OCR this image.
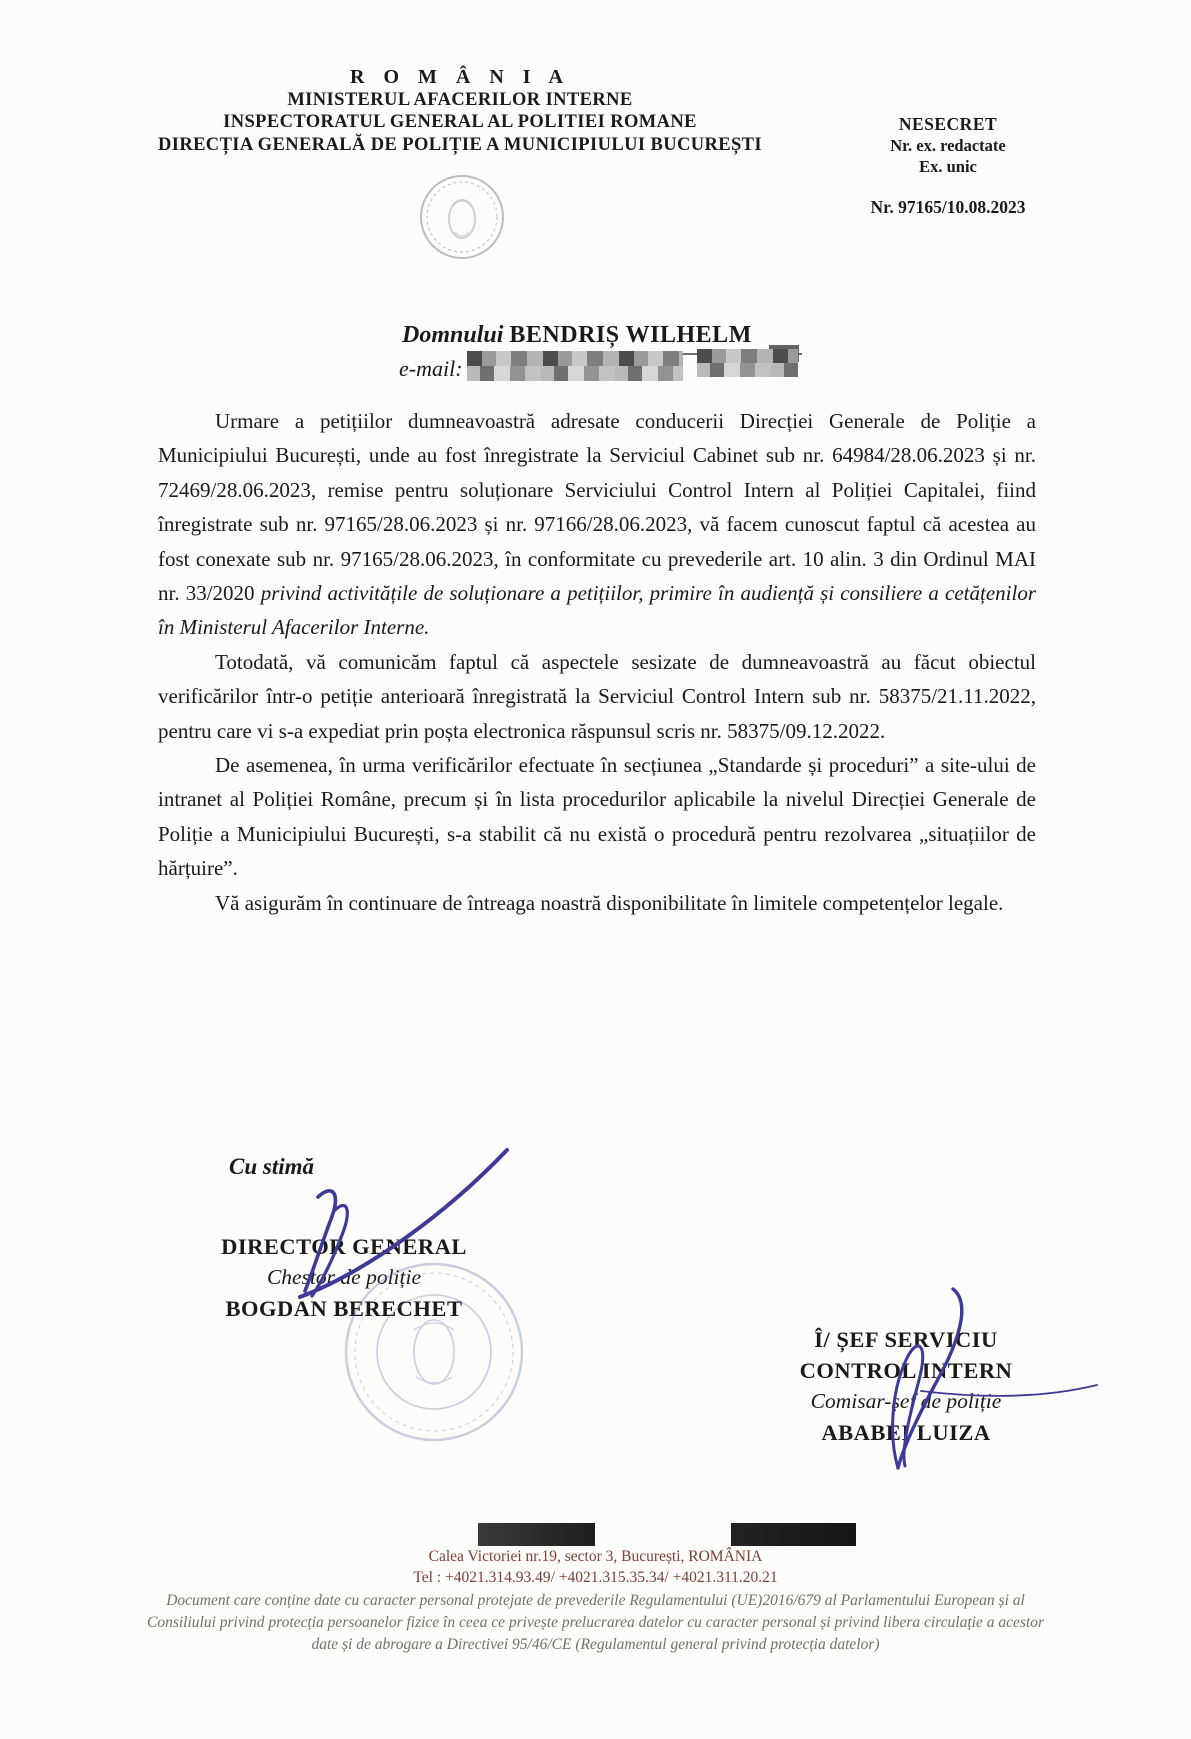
R O M Â N I A
MINISTERUL AFACERILOR INTERNE
INSPECTORATUL GENERAL AL POLITIEI ROMANE
DIRECȚIA GENERALĂ DE POLIȚIE A MUNICIPIULUI BUCUREȘTI
NESECRET
Nr. ex. redactate
Ex. unic
Nr. 97165/10.08.2023
Domnului BENDRIȘ WILHELM
e-mail:

Urmare a petițiilor dumneavoastră adresate conducerii Direcției Generale de Poliție a Municipiului București, unde au fost înregistrate la Serviciul Cabinet sub nr. 64984/28.06.2023 și nr. 72469/28.06.2023, remise pentru soluționare Serviciului Control Intern al Poliției Capitalei, fiind înregistrate sub nr. 97165/28.06.2023 și nr. 97166/28.06.2023, vă facem cunoscut faptul că acestea au fost conexate sub nr. 97165/28.06.2023, în conformitate cu prevederile art. 10 alin. 3 din Ordinul MAI nr. 33/2020 privind activitățile de soluționare a petițiilor, primire în audiență și consiliere a cetățenilor în Ministerul Afacerilor Interne.

Totodată, vă comunicăm faptul că aspectele sesizate de dumneavoastră au făcut obiectul verificărilor într-o petiție anterioară înregistrată la Serviciul Control Intern sub nr. 58375/21.11.2022, pentru care vi s-a expediat prin poșta electronica răspunsul scris nr. 58375/09.12.2022.

De asemenea, în urma verificărilor efectuate în secțiunea „Standarde și proceduri” a site-ului de intranet al Poliției Române, precum și în lista procedurilor aplicabile la nivelul Direcției Generale de Poliție a Municipiului București, s-a stabilit că nu există o procedură pentru rezolvarea „situațiilor de hărțuire”.

Vă asigurăm în continuare de întreaga noastră disponibilitate în limitele competențelor legale.

Cu stimă
DIRECTOR GENERAL
Chestor de poliție
BOGDAN BERECHET
Î/ ȘEF SERVICIU
CONTROL INTERN
Comisar-șef de poliție
ABABEI LUIZA
Calea Victoriei nr.19, sector 3, București, ROMÂNIA
Tel : +4021.314.93.49/ +4021.315.35.34/ +4021.311.20.21
Document care conține date cu caracter personal protejate de prevederile Regulamentului (UE)2016/679 al Parlamentului European și al
Consiliului privind protecția persoanelor fizice în ceea ce privește prelucrarea datelor cu caracter personal și privind libera circulație a acestor
date și de abrogare a Directivei 95/46/CE (Regulamentul general privind protecția datelor)
